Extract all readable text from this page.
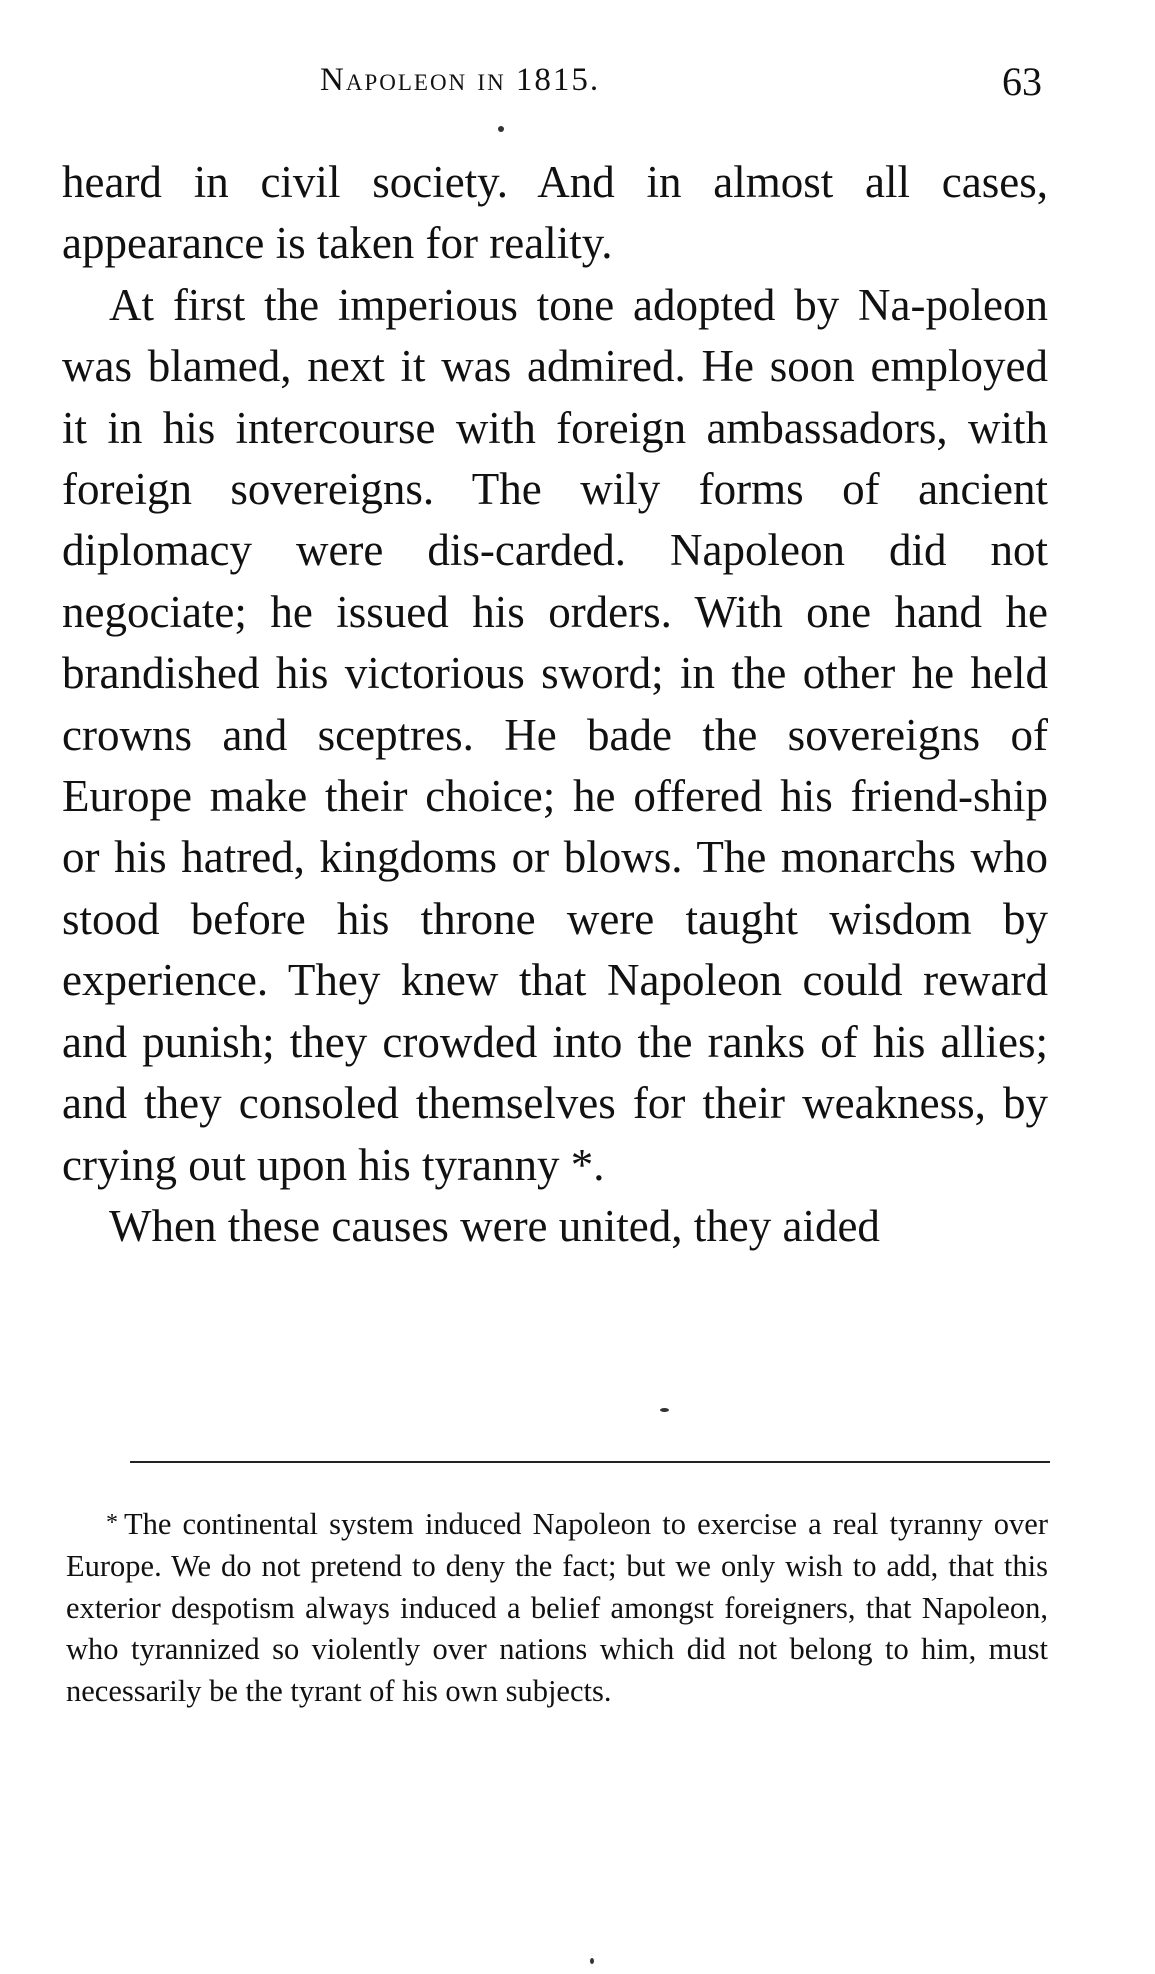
Napoleon in 1815.	63

heard in civil society. And in almost all cases, appearance is taken for reality.

At first the imperious tone adopted by Na-poleon was blamed, next it was admired. He soon employed it in his intercourse with foreign ambassadors, with foreign sovereigns. The wily forms of ancient diplomacy were dis-carded. Napoleon did not negociate; he issued his orders. With one hand he brandished his victorious sword; in the other he held crowns and sceptres. He bade the sovereigns of Europe make their choice; he offered his friend-ship or his hatred, kingdoms or blows. The monarchs who stood before his throne were taught wisdom by experience. They knew that Napoleon could reward and punish; they crowded into the ranks of his allies; and they consoled themselves for their weakness, by crying out upon his tyranny *.

When these causes were united, they aided

* The continental system induced Napoleon to exercise a real tyranny over Europe. We do not pretend to deny the fact; but we only wish to add, that this exterior despotism always induced a belief amongst foreigners, that Napoleon, who tyrannized so violently over nations which did not belong to him, must necessarily be the tyrant of his own subjects.
